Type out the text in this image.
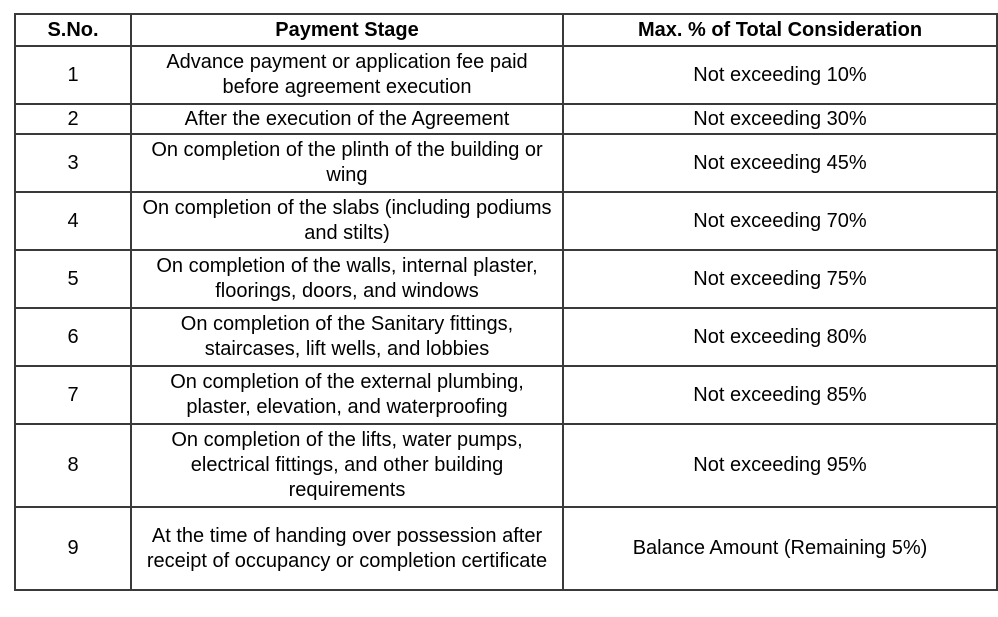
S.No.	Payment Stage	Max. % of Total Consideration
1	Advance payment or application fee paid before agreement execution	Not exceeding 10%
2	After the execution of the Agreement	Not exceeding 30%
3	On completion of the plinth of the building or wing	Not exceeding 45%
4	On completion of the slabs (including podiums and stilts)	Not exceeding 70%
5	On completion of the walls, internal plaster, floorings, doors, and windows	Not exceeding 75%
6	On completion of the Sanitary fittings, staircases, lift wells, and lobbies	Not exceeding 80%
7	On completion of the external plumbing, plaster, elevation, and waterproofing	Not exceeding 85%
8	On completion of the lifts, water pumps, electrical fittings, and other building requirements	Not exceeding 95%
9	At the time of handing over possession after receipt of occupancy or completion certificate	Balance Amount (Remaining 5%)
